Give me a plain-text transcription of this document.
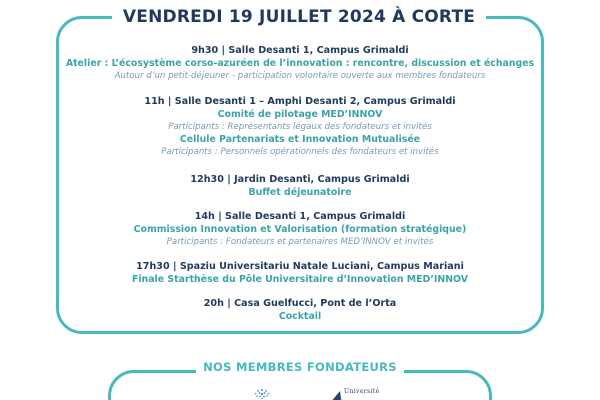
VENDREDI 19 JUILLET 2024 À CORTE
9h30 | Salle Desanti 1, Campus Grimaldi
Atelier : L’écosystème corso-azuréen de l’innovation : rencontre, discussion et échanges
Autour d’un petit-déjeuner - participation volontaire ouverte aux membres fondateurs
11h | Salle Desanti 1 – Amphi Desanti 2, Campus Grimaldi
Comité de pilotage MED’INNOV
Participants : Représentants légaux des fondateurs et invités
Cellule Partenariats et Innovation Mutualisée
Participants : Personnels opérationnels des fondateurs et invités
12h30 | Jardin Desanti, Campus Grimaldi
Buffet déjeunatoire
14h | Salle Desanti 1, Campus Grimaldi
Commission Innovation et Valorisation (formation stratégique)
Participants : Fondateurs et partenaires MED’INNOV et invités
17h30 | Spaziu Universitariu Natale Luciani, Campus Mariani
Finale Starthèse du Pôle Universitaire d’Innovation MED’INNOV
20h | Casa Guelfucci, Pont de l’Orta
Cocktail
NOS MEMBRES FONDATEURS
Université
